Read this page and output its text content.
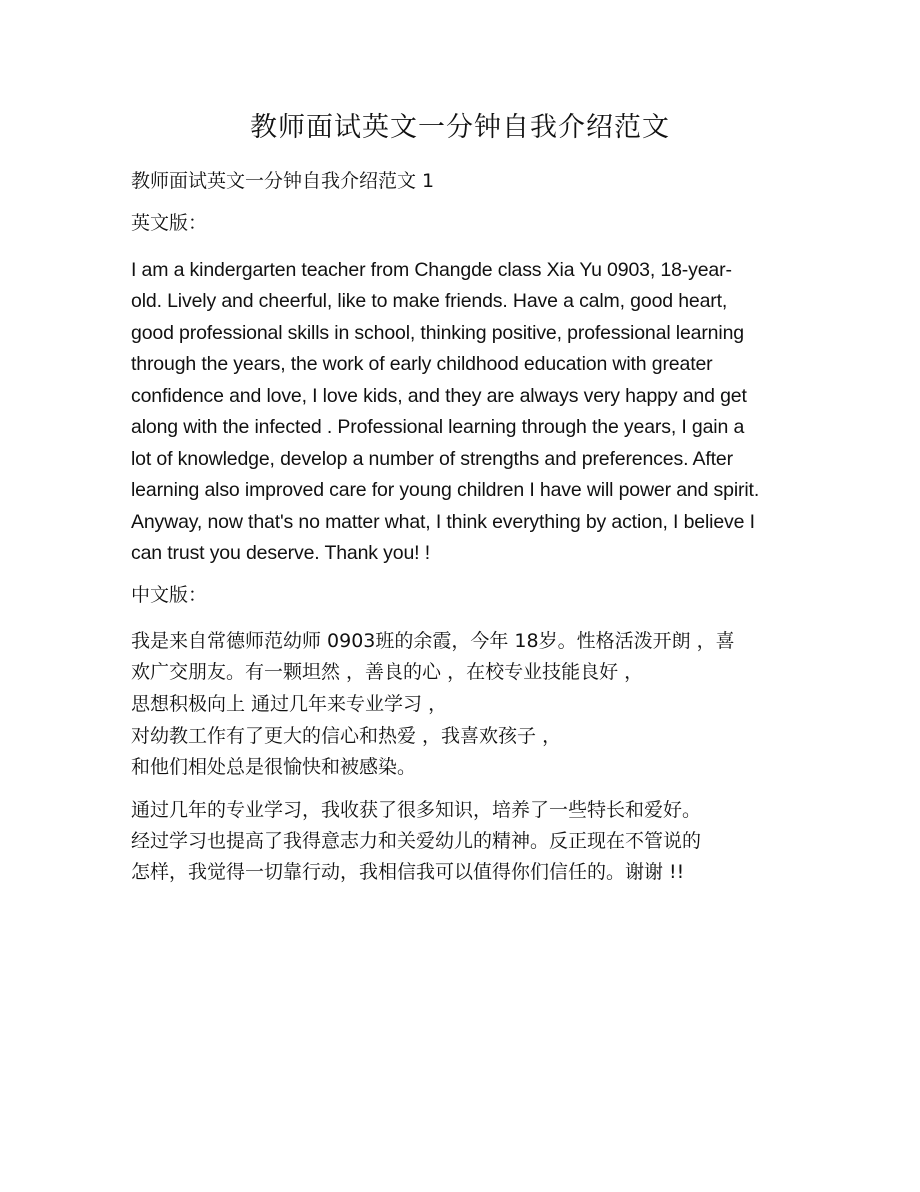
教师面试英文一分钟自我介绍范文
教师面试英文一分钟自我介绍范文 1
英文版：
I am a kindergarten teacher from Changde class Xia Yu 0903, 18-year-
old. Lively and cheerful, like to make friends. Have a calm, good heart,
good professional skills in school, thinking positive, professional learning
through the years, the work of early childhood education with greater
confidence and love, I love kids, and they are always very happy and get
along with the infected . Professional learning through the years, I gain a
lot of knowledge, develop a number of strengths and preferences. After
learning also improved care for young children I have will power and spirit.
Anyway, now that's no matter what, I think everything by action, I believe I
can trust you deserve. Thank you! !
中文版：
我是来自常德师范幼师 0903班的余霞，今年 18岁。性格活泼开朗 ，喜
欢广交朋友。有一颗坦然 ，善良的心 ，在校专业技能良好 ，
思想积极向上 通过几年来专业学习 ，
对幼教工作有了更大的信心和热爱 ，我喜欢孩子 ，
和他们相处总是很愉快和被感染。
通过几年的专业学习，我收获了很多知识，培养了一些特长和爱好。
经过学习也提高了我得意志力和关爱幼儿的精神。反正现在不管说的
怎样，我觉得一切靠行动，我相信我可以值得你们信任的。谢谢 !!
